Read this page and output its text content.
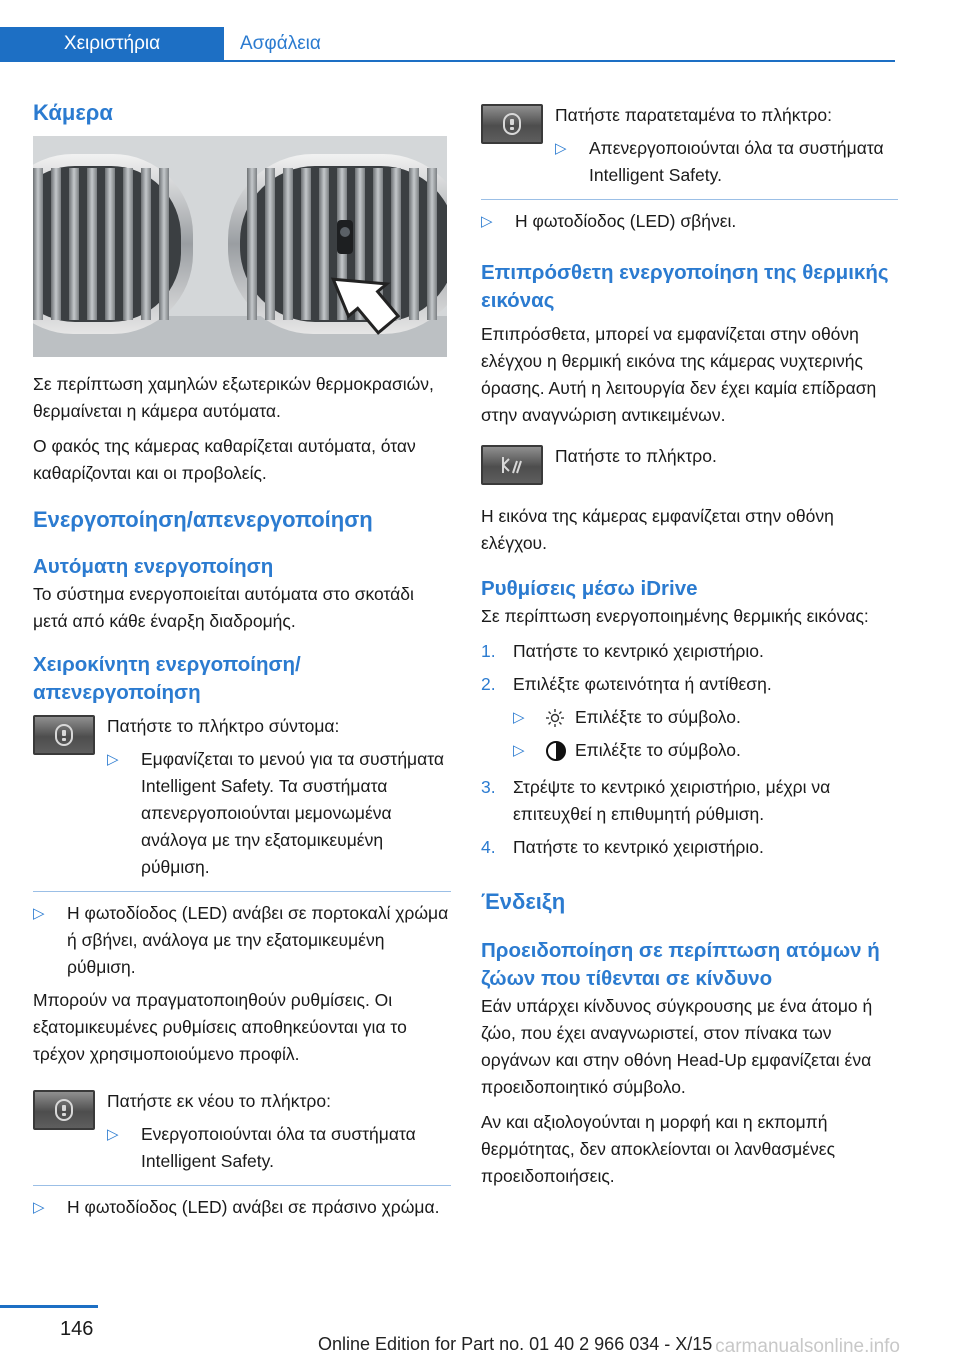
Χειριστήρια	Ασφάλεια
Κάμερα

Σε περίπτωση χαμηλών εξωτερικών θερμοκρασιών, θερμαίνεται η κάμερα αυτόματα.

Ο φακός της κάμερας καθαρίζεται αυτόματα, όταν καθαρίζονται και οι προβολείς.

Ενεργοποίηση/απενεργοποίηση
Αυτόματη ενεργοποίηση

Το σύστημα ενεργοποιείται αυτόματα στο σκοτάδι μετά από κάθε έναρξη διαδρομής.

Χειροκίνητη ενεργοποίηση/ απενεργοποίηση
Πατήστε το πλήκτρο σύντομα:
▷ Εμφανίζεται το μενού για τα συστήματα Intelligent Safety. Τα συστήματα απενεργοποιούνται μεμονωμένα ανάλογα με την εξατομικευμένη ρύθμιση.
▷ Η φωτοδίοδος (LED) ανάβει σε πορτοκαλί χρώμα ή σβήνει, ανάλογα με την εξατομικευμένη ρύθμιση.

Μπορούν να πραγματοποιηθούν ρυθμίσεις. Οι εξατομικευμένες ρυθμίσεις αποθηκεύονται για το τρέχον χρησιμοποιούμενο προφίλ.

Πατήστε εκ νέου το πλήκτρο:
▷ Ενεργοποιούνται όλα τα συστήματα Intelligent Safety.
▷ Η φωτοδίοδος (LED) ανάβει σε πράσινο χρώμα.
Πατήστε παρατεταμένα το πλήκτρο:
▷ Απενεργοποιούνται όλα τα συστήματα Intelligent Safety.
▷ Η φωτοδίοδος (LED) σβήνει.
Επιπρόσθετη ενεργοποίηση της θερμικής εικόνας

Επιπρόσθετα, μπορεί να εμφανίζεται στην οθόνη ελέγχου η θερμική εικόνα της κάμερας νυχτερινής όρασης. Αυτή η λειτουργία δεν έχει καμία επίδραση στην αναγνώριση αντικειμένων.

Πατήστε το πλήκτρο.

Η εικόνα της κάμερας εμφανίζεται στην οθόνη ελέγχου.

Ρυθμίσεις μέσω iDrive

Σε περίπτωση ενεργοποιημένης θερμικής εικόνας:

1. Πατήστε το κεντρικό χειριστήριο.
2. Επιλέξτε φωτεινότητα ή αντίθεση.
▷	Επιλέξτε το σύμβολο.
▷	Επιλέξτε το σύμβολο.
3. Στρέψτε το κεντρικό χειριστήριο, μέχρι να επιτευχθεί η επιθυμητή ρύθμιση.
4. Πατήστε το κεντρικό χειριστήριο.
Ένδειξη
Προειδοποίηση σε περίπτωση ατόμων ή ζώων που τίθενται σε κίνδυνο

Εάν υπάρχει κίνδυνος σύγκρουσης με ένα άτομο ή ζώο, που έχει αναγνωριστεί, στον πίνακα των οργάνων και στην οθόνη Head-Up εμφανίζεται ένα προειδοποιητικό σύμβολο.

Αν και αξιολογούνται η μορφή και η εκπομπή θερμότητας, δεν αποκλείονται οι λανθασμένες προειδοποιήσεις.

146
Online Edition for Part no. 01 40 2 966 034 - X/15 carmanualsonline.info
